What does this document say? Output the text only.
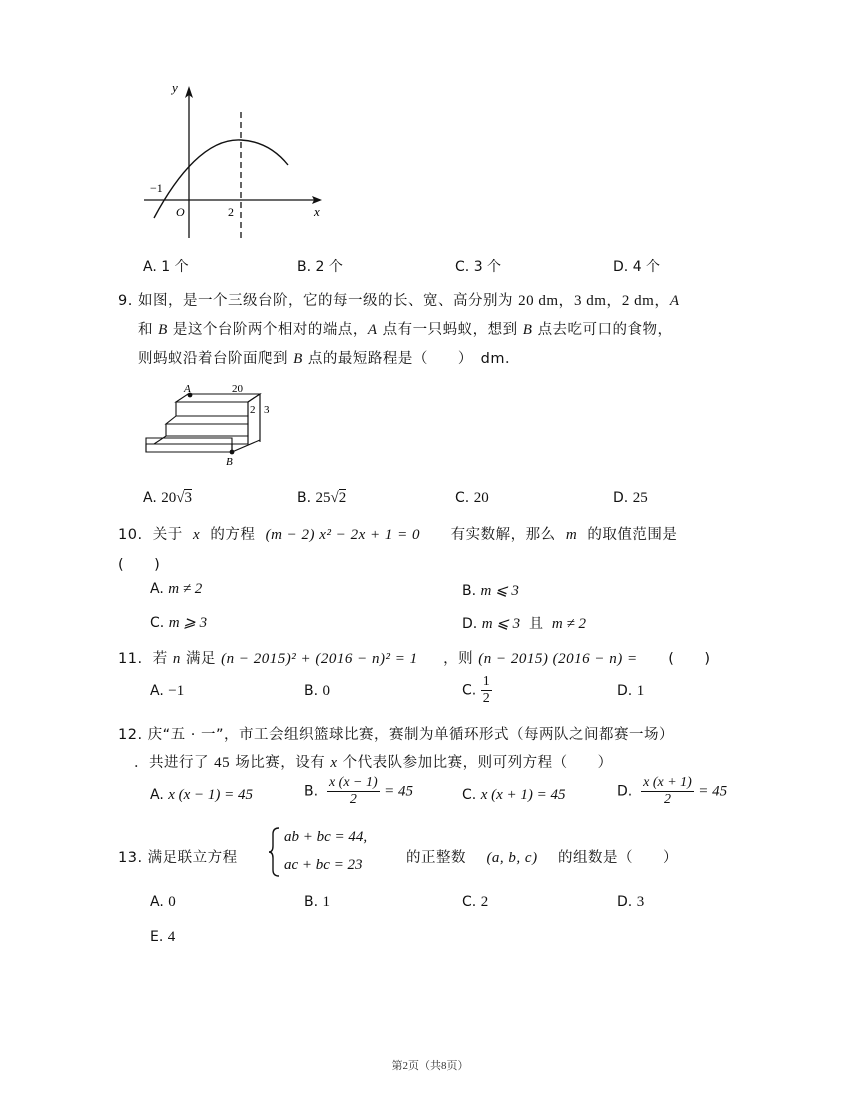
y
x
O
−1
2
A. 1 个	B. 2 个	C. 3 个	D. 4 个
9. 如图，是一个三级台阶，它的每一级的长、宽、高分别为 20 dm，3 dm，2 dm，A
和 B 是这个台阶两个相对的端点，A 点有一只蚂蚁，想到 B 点去吃可口的食物，
则蚂蚁沿着台阶面爬到 B 点的最短路程是（　　）　dm．
A	20
2 3
B
A. 20√3	B. 25√2	C. 20	D. 25
10. 关于 x 的方程 (m − 2) x² − 2x + 1 = 0 有实数解，那么 m 的取值范围是
(　　)
A. m ≠ 2	B. m ⩽ 3
C. m ⩾ 3	D. m ⩽ 3 且 m ≠ 2
11. 若 n 满足 (n − 2015)² + (2016 − n)² = 1 ，则 (n − 2015) (2016 − n) = (　　)
A. −1	B. 0	C. $\frac{1}{2}$	D. 1
12. 庆“五 · 一”，市工会组织篮球比赛，赛制为单循环形式（每两队之间都赛一场）
．共进行了 45 场比赛，设有 x 个代表队参加比赛，则可列方程（　　）
A. x (x − 1) = 45	B. $\frac{x (x - 1)}{2} = 45$	C. x (x + 1) = 45	D. $\frac{x (x + 1)}{2} = 45$
13. 满足联立方程
ab + bc = 44,
ac + bc = 23	的正整数 (a, b, c) 的组数是（　　）
A. 0	B. 1	C. 2	D. 3
E. 4
第2页（共8页）
